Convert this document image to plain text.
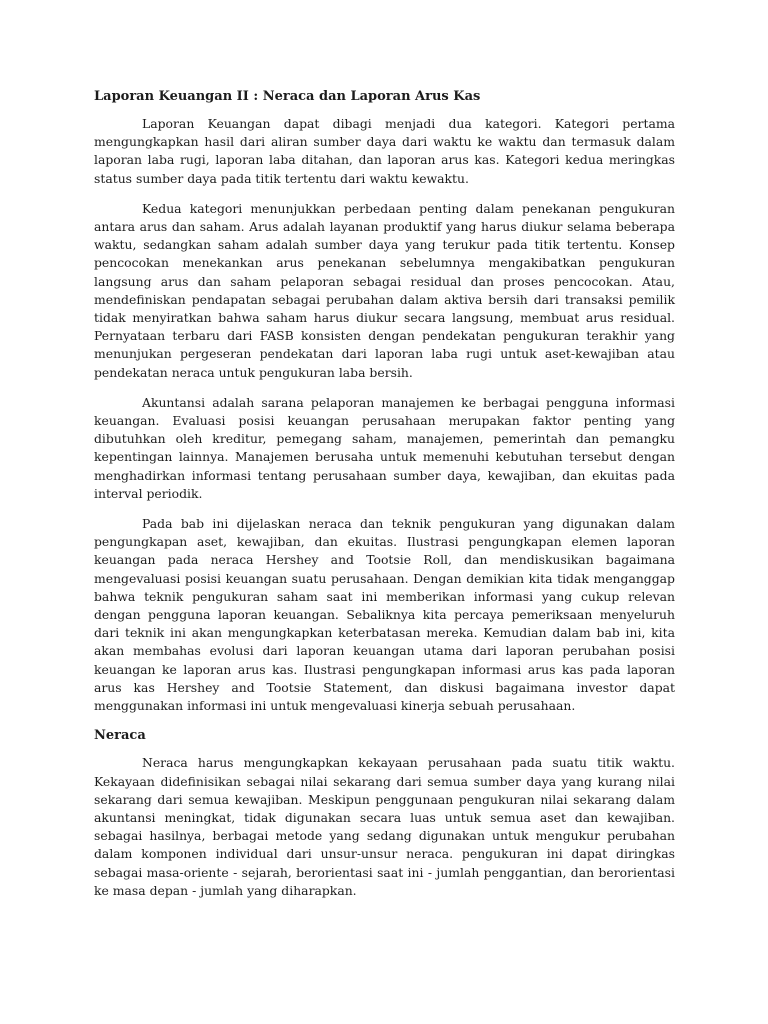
Laporan Keuangan II : Neraca dan Laporan Arus Kas

Laporan Keuangan dapat dibagi menjadi dua kategori. Kategori pertama mengungkapkan hasil dari aliran sumber daya dari waktu ke waktu dan termasuk dalam laporan laba rugi, laporan laba ditahan, dan laporan arus kas. Kategori kedua meringkas status sumber daya pada titik tertentu dari waktu kewaktu.

Kedua kategori menunjukkan perbedaan penting dalam penekanan pengukuran antara arus dan saham. Arus adalah layanan produktif yang harus diukur selama beberapa waktu, sedangkan saham adalah sumber daya yang terukur pada titik tertentu. Konsep pencocokan menekankan arus penekanan sebelumnya mengakibatkan pengukuran langsung arus dan saham pelaporan sebagai residual dan proses pencocokan. Atau, mendefiniskan pendapatan sebagai perubahan dalam aktiva bersih dari transaksi pemilik tidak menyiratkan bahwa saham harus diukur secara langsung, membuat arus residual. Pernyataan terbaru dari FASB konsisten dengan pendekatan pengukuran terakhir yang menunjukan pergeseran pendekatan dari laporan laba rugi untuk aset-kewajiban atau pendekatan neraca untuk pengukuran laba bersih.

Akuntansi adalah sarana pelaporan manajemen ke berbagai pengguna informasi keuangan. Evaluasi posisi keuangan perusahaan merupakan faktor penting yang dibutuhkan oleh kreditur, pemegang saham, manajemen, pemerintah dan pemangku kepentingan lainnya. Manajemen berusaha untuk memenuhi kebutuhan tersebut dengan menghadirkan informasi tentang perusahaan sumber daya, kewajiban, dan ekuitas pada interval periodik.

Pada bab ini dijelaskan neraca dan teknik pengukuran yang digunakan dalam pengungkapan aset, kewajiban, dan ekuitas. Ilustrasi pengungkapan elemen laporan keuangan pada neraca Hershey and Tootsie Roll, dan mendiskusikan bagaimana mengevaluasi posisi keuangan suatu perusahaan. Dengan demikian kita tidak menganggap bahwa teknik pengukuran saham saat ini memberikan informasi yang cukup relevan dengan pengguna laporan keuangan. Sebaliknya kita percaya pemeriksaan menyeluruh dari teknik ini akan mengungkapkan keterbatasan mereka. Kemudian dalam bab ini, kita akan membahas evolusi dari laporan keuangan utama dari laporan perubahan posisi keuangan ke laporan arus kas. Ilustrasi pengungkapan informasi arus kas pada laporan arus kas Hershey and Tootsie Statement, dan diskusi bagaimana investor dapat menggunakan informasi ini untuk mengevaluasi kinerja sebuah perusahaan.

Neraca

Neraca harus mengungkapkan kekayaan perusahaan pada suatu titik waktu. Kekayaan didefinisikan sebagai nilai sekarang dari semua sumber daya yang kurang nilai sekarang dari semua kewajiban. Meskipun penggunaan pengukuran nilai sekarang dalam akuntansi meningkat, tidak digunakan secara luas untuk semua aset dan kewajiban. sebagai hasilnya, berbagai metode yang sedang digunakan untuk mengukur perubahan dalam komponen individual dari unsur-unsur neraca. pengukuran ini dapat diringkas sebagai masa-oriente - sejarah, berorientasi saat ini - jumlah penggantian, dan berorientasi ke masa depan - jumlah yang diharapkan.
